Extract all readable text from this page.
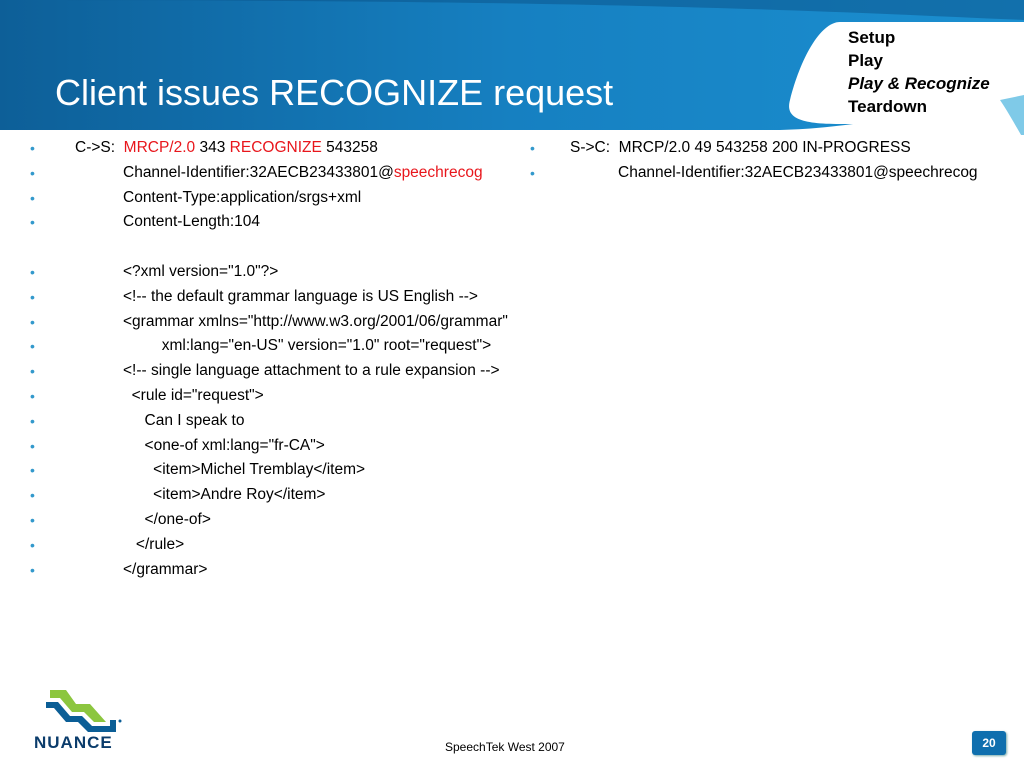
Client issues RECOGNIZE request
Setup
Play
Play & Recognize
Teardown
•	C->S:  MRCP/2.0 343 RECOGNIZE 543258
•	Channel-Identifier:32AECB23433801@speechrecog
•	Content-Type:application/srgs+xml
•	Content-Length:104
•	<?xml version="1.0"?>
•	<!-- the default grammar language is US English -->
•	<grammar xmlns="http://www.w3.org/2001/06/grammar"
•	xml:lang="en-US" version="1.0" root="request">
•	<!-- single language attachment to a rule expansion -->
•	<rule id="request">
•	Can I speak to
•	<one-of xml:lang="fr-CA">
•	<item>Michel Tremblay</item>
•	<item>Andre Roy</item>
•	</one-of>
•	</rule>
•	</grammar>
• S->C:  MRCP/2.0 49 543258 200 IN-PROGRESS
•	Channel-Identifier:32AECB23433801@speechrecog
NUANCE	SpeechTek West 2007	20
